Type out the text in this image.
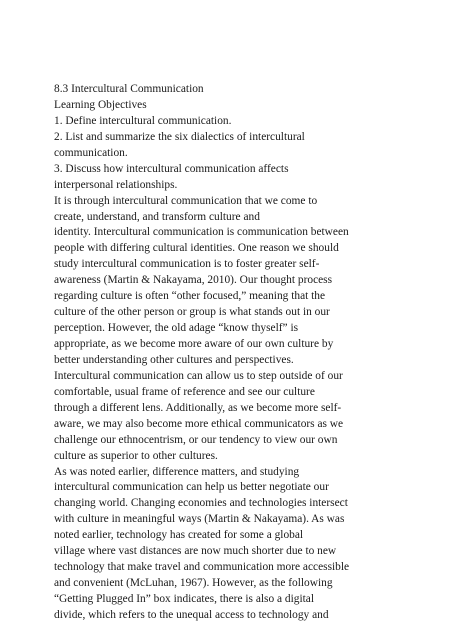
8.3 Intercultural Communication
Learning Objectives
1. Define intercultural communication.
2. List and summarize the six dialectics of intercultural
communication.
3. Discuss how intercultural communication affects
interpersonal relationships.
It is through intercultural communication that we come to
create, understand, and transform culture and
identity. Intercultural communication is communication between
people with differing cultural identities. One reason we should
study intercultural communication is to foster greater self-
awareness (Martin & Nakayama, 2010). Our thought process
regarding culture is often “other focused,” meaning that the
culture of the other person or group is what stands out in our
perception. However, the old adage “know thyself” is
appropriate, as we become more aware of our own culture by
better understanding other cultures and perspectives.
Intercultural communication can allow us to step outside of our
comfortable, usual frame of reference and see our culture
through a different lens. Additionally, as we become more self-
aware, we may also become more ethical communicators as we
challenge our ethnocentrism, or our tendency to view our own
culture as superior to other cultures.
As was noted earlier, difference matters, and studying
intercultural communication can help us better negotiate our
changing world. Changing economies and technologies intersect
with culture in meaningful ways (Martin & Nakayama). As was
noted earlier, technology has created for some a global
village where vast distances are now much shorter due to new
technology that make travel and communication more accessible
and convenient (McLuhan, 1967). However, as the following
“Getting Plugged In” box indicates, there is also a digital
divide, which refers to the unequal access to technology and
